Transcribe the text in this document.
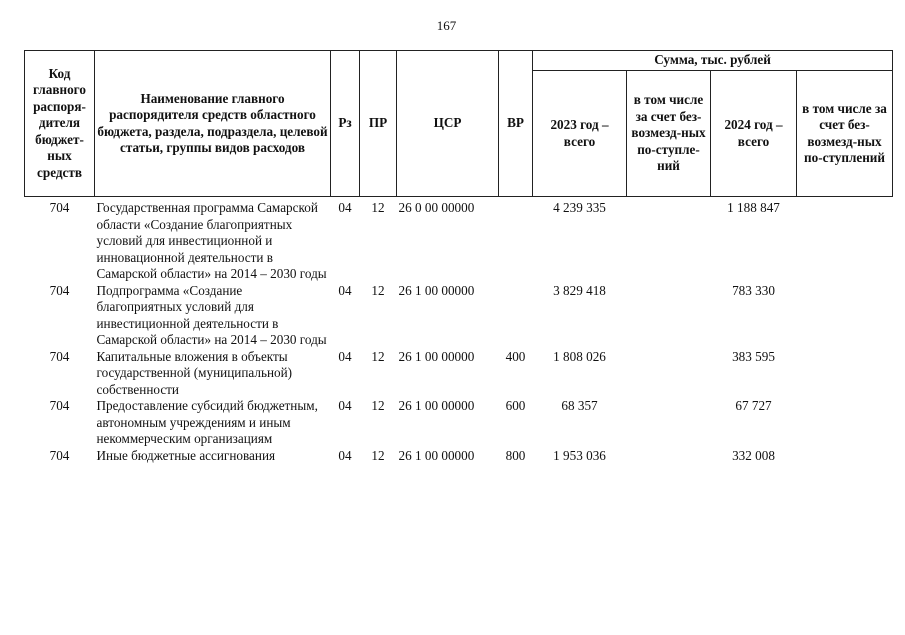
167
Код главного распоря-дителя бюджет-ных средств	Наименование главного распорядителя средств областного бюджета, раздела, подраздела, целевой статьи, группы видов расходов	Рз	ПР	ЦСР	ВР	Сумма, тыс. рублей			
						2023 год – всего	в том числе за счет без-возмезд-ных по-ступле-ний	2024 год – всего	в том числе за счет без-возмезд-ных по-ступлений
704	Государственная программа Самарской области «Создание благоприятных условий для инвестиционной и инновационной деятельности в Самарской области» на 2014 – 2030 годы	04	12	26 0 00 00000		4 239 335		1 188 847	
704	Подпрограмма «Создание благоприятных условий для инвестиционной деятельности в Самарской области» на 2014 – 2030 годы	04	12	26 1 00 00000		3 829 418		783 330	
704	Капитальные вложения в объекты государственной (муниципальной) собственности	04	12	26 1 00 00000	400	1 808 026		383 595	
704	Предоставление субсидий бюджетным, автономным учреждениям и иным некоммерческим организациям	04	12	26 1 00 00000	600	68 357		67 727	
704	Иные бюджетные ассигнования	04	12	26 1 00 00000	800	1 953 036		332 008	
